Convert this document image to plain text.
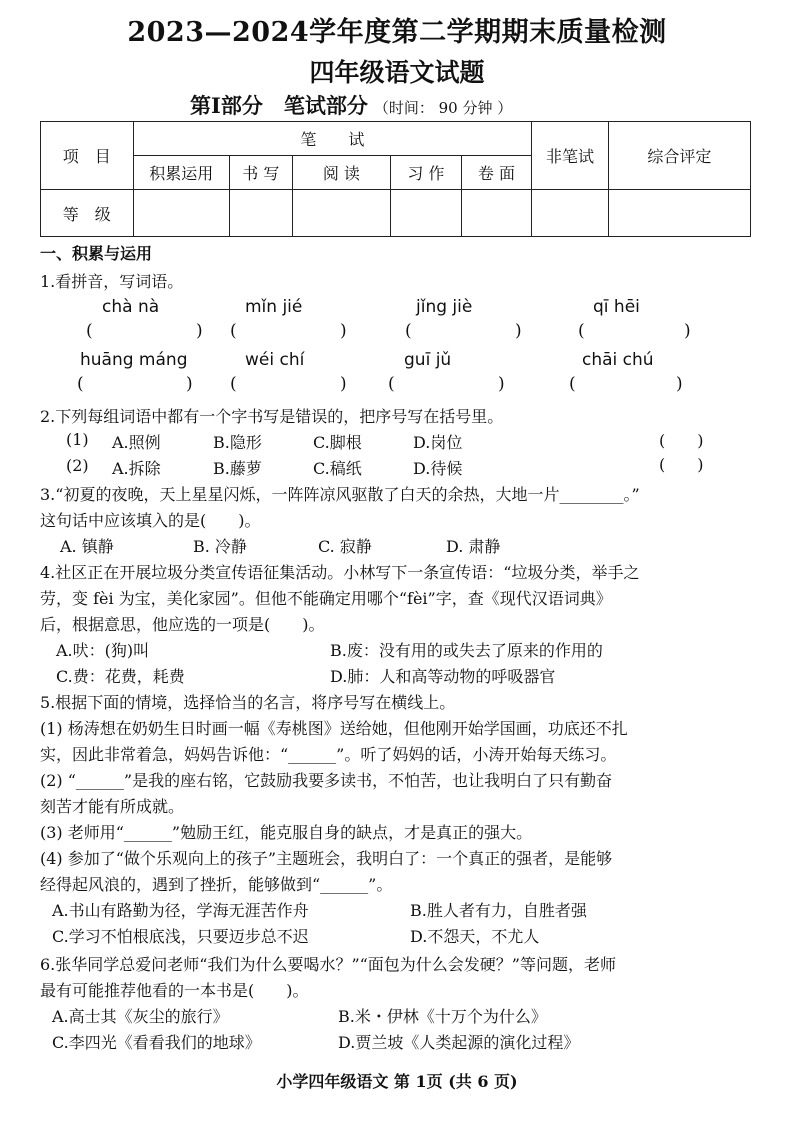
2023—2024学年度第二学期期末质量检测
四年级语文试题
第Ⅰ部分　笔试部分 （时间： 90 分钟 ）
项　目	笔　　试					非笔试	综合评定
	积累运用	书 写	阅 读	习 作	卷 面		
等　级							
一、积累与运用
1.看拼音，写词语。
chà nà	mǐn jié	jǐng jiè	qī hēi
(	) (	)	(	)	(	)
huāng máng	wéi chí	guī jǔ	chāi chú
(	) (	) (	)	(	)
2.下列每组词语中都有一个字书写是错误的，把序号写在括号里。
(1) A.照例	B.隐形	C.脚根	D.岗位	(　　)
(2) A.拆除	B.藤萝	C.稿纸	D.待候	(　　)
3.“初夏的夜晚，天上星星闪烁，一阵阵凉风驱散了白天的余热，大地一片________。”
这句话中应该填入的是(　　)。
A. 镇静	B. 冷静	C. 寂静	D. 肃静
4.社区正在开展垃圾分类宣传语征集活动。小林写下一条宣传语：“垃圾分类，举手之
劳，变 fèi 为宝，美化家园”。但他不能确定用哪个“fèi”字，查《现代汉语词典》
后，根据意思，他应选的一项是(　　)。
A.吠：(狗)叫	B.废：没有用的或失去了原来的作用的
C.费：花费，耗费	D.肺：人和高等动物的呼吸器官
5.根据下面的情境，选择恰当的名言，将序号写在横线上。
(1) 杨涛想在奶奶生日时画一幅《寿桃图》送给她，但他刚开始学国画，功底还不扎
实，因此非常着急，妈妈告诉他：“______”。听了妈妈的话，小涛开始每天练习。
(2) “______”是我的座右铭，它鼓励我要多读书，不怕苦，也让我明白了只有勤奋
刻苦才能有所成就。
(3) 老师用“______”勉励王红，能克服自身的缺点，才是真正的强大。
(4) 参加了“做个乐观向上的孩子”主题班会，我明白了：一个真正的强者，是能够
经得起风浪的，遇到了挫折，能够做到“______”。
A.书山有路勤为径，学海无涯苦作舟	B.胜人者有力，自胜者强
C.学习不怕根底浅，只要迈步总不迟	D.不怨天，不尤人
6.张华同学总爱问老师“我们为什么要喝水？”“面包为什么会发硬？”等问题，老师
最有可能推荐他看的一本书是(　　)。
A.高士其《灰尘的旅行》	B.米・伊林《十万个为什么》
C.李四光《看看我们的地球》	D.贾兰坡《人类起源的演化过程》
小学四年级语文 第 1页 (共 6 页)
